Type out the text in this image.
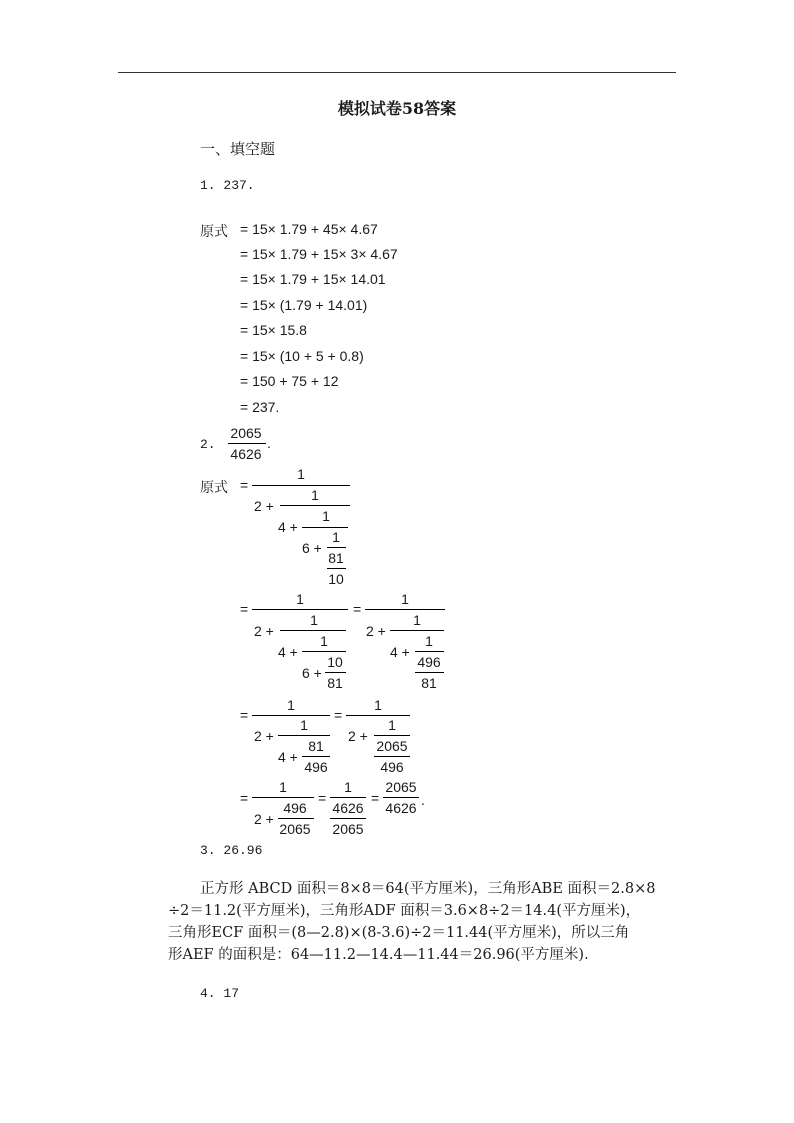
模拟试卷58答案
一、填空题
1. 237.
原式 = 15× 1.79 + 45× 4.67
= 15× 1.79 + 15× 3× 4.67
= 15× 1.79 + 15× 14.01
= 15× (1.79 + 14.01)
= 15× 15.8
= 15× (10 + 5 + 0.8)
= 150 + 75 + 12
= 237.
2.
2065
4626
.
原式 =
1
2 +
1
4 +
1
6 +
1
81
10
=
1
2 +
1
4 +
1
6 +
10
81
=
1
2 +
1
4 +
1
496
81
=
1
2 +
1
4 +
81
496
=
1
2 +
1
2065
496
=
1
2 +
496
2065
=
1
4626
2065
=
2065
4626 .
3. 26.96
正方形 ABCD 面积＝8×8＝64(平方厘米)，三角形ABE 面积＝2.8×8
÷2＝11.2(平方厘米)，三角形ADF 面积＝3.6×8÷2＝14.4(平方厘米)，
三角形ECF 面积＝(8—2.8)×(8-3.6)÷2＝11.44(平方厘米)，所以三角
形AEF 的面积是：64—11.2—14.4—11.44＝26.96(平方厘米).
4. 17
